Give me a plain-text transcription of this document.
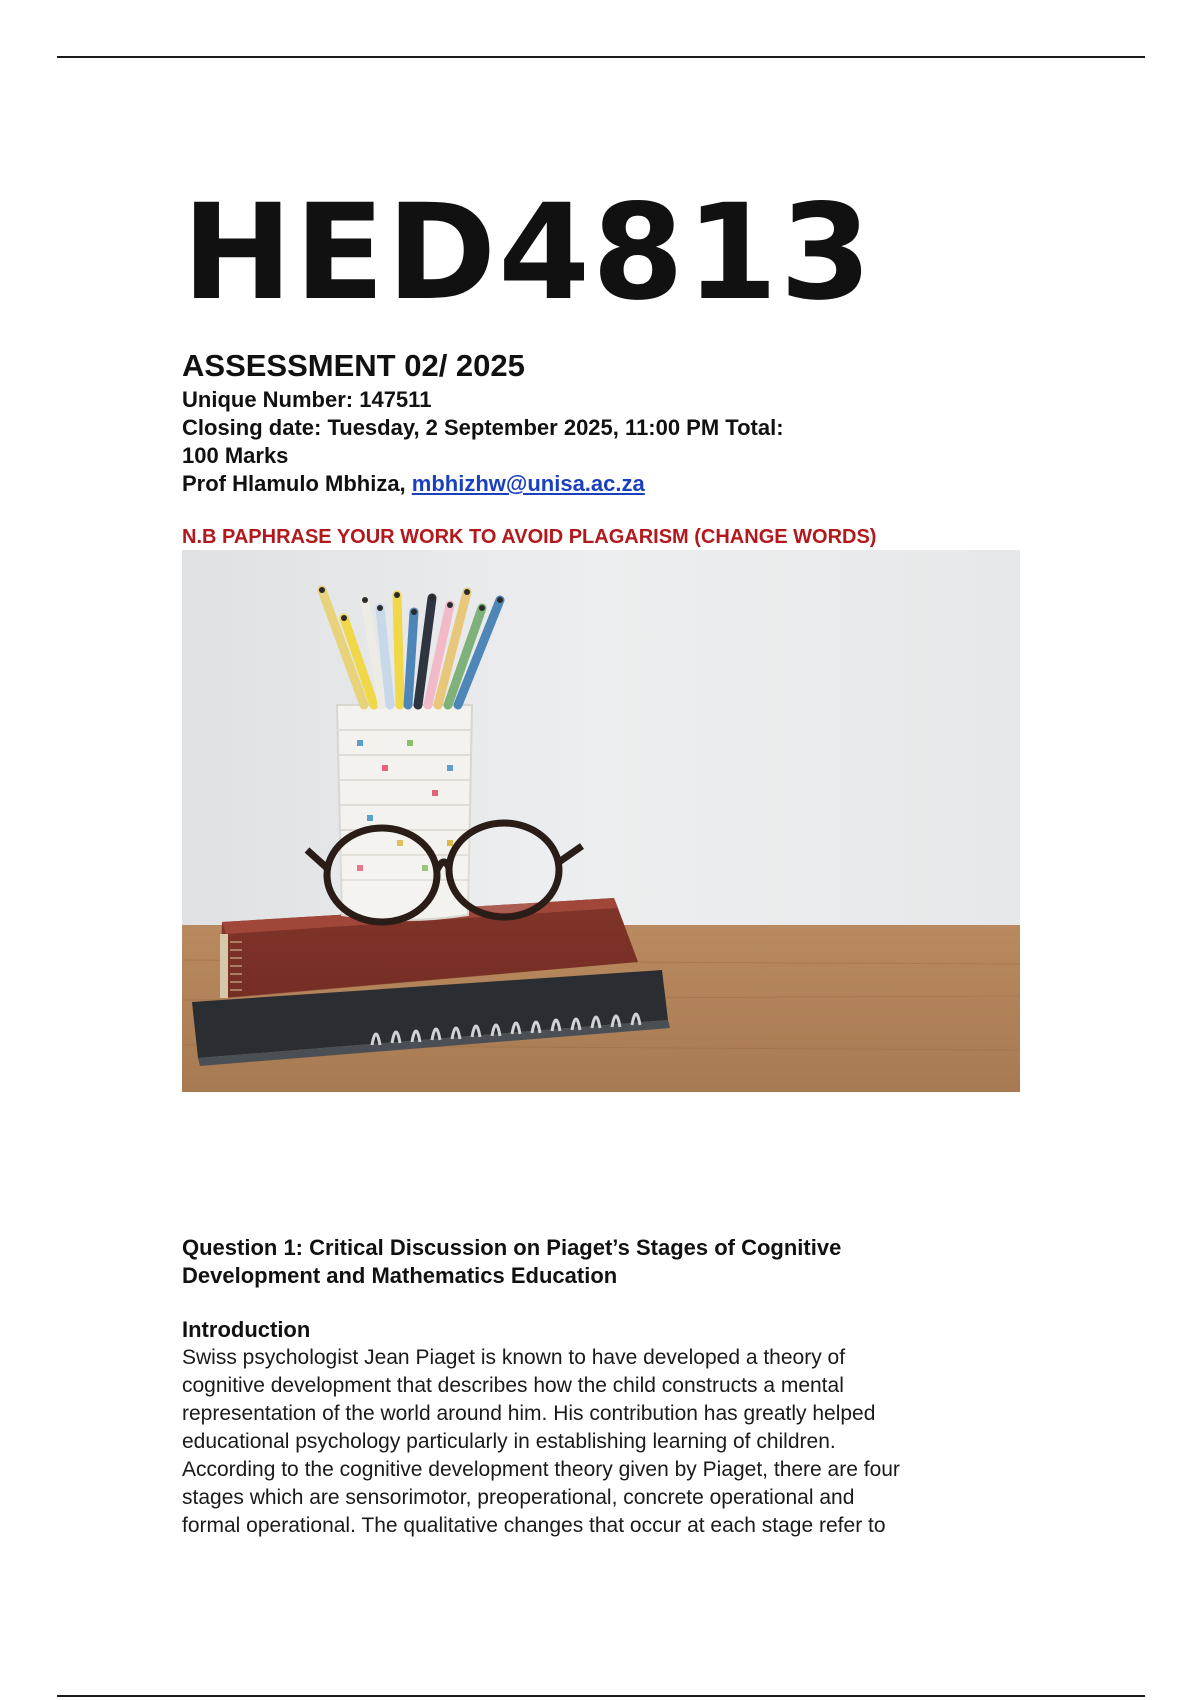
HED4813
ASSESSMENT 02/ 2025
Unique Number: 147511
Closing date: Tuesday, 2 September 2025, 11:00 PM Total:
100 Marks
Prof Hlamulo Mbhiza, mbhizhw@unisa.ac.za
N.B PAPHRASE YOUR WORK TO AVOID PLAGARISM (CHANGE WORDS)
Question 1: Critical Discussion on Piaget’s Stages of Cognitive Development and Mathematics Education
Introduction
Swiss psychologist Jean Piaget is known to have developed a theory of
cognitive development that describes how the child constructs a mental
representation of the world around him. His contribution has greatly helped
educational psychology particularly in establishing learning of children.
According to the cognitive development theory given by Piaget, there are four
stages which are sensorimotor, preoperational, concrete operational and
formal operational. The qualitative changes that occur at each stage refer to
